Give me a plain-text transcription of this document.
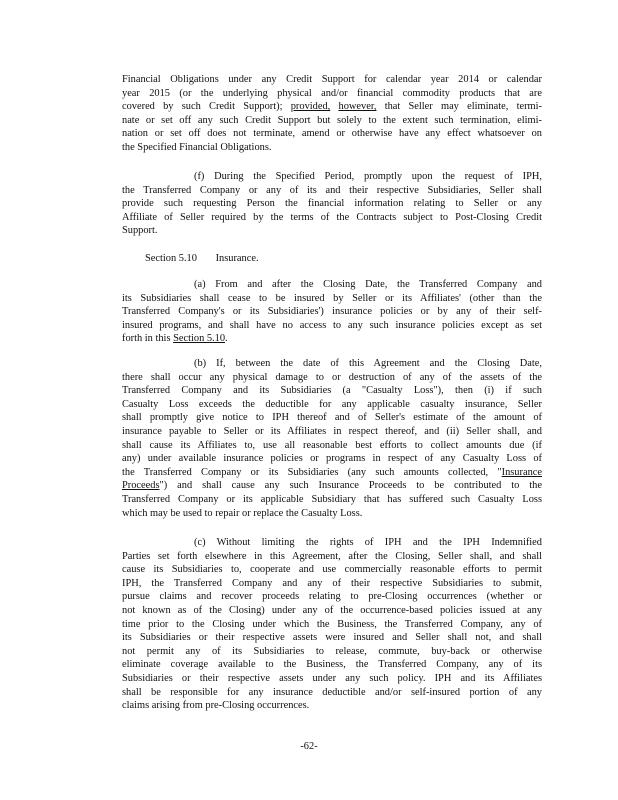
Financial Obligations under any Credit Support for calendar year 2014 or calendar
year 2015 (or the underlying physical and/or financial commodity products that are
covered by such Credit Support); provided, however, that Seller may eliminate, termi-
nate or set off any such Credit Support but solely to the extent such termination, elimi-
nation or set off does not terminate, amend or otherwise have any effect whatsoever on
the Specified Financial Obligations.
(f) During the Specified Period, promptly upon the request of IPH,
the Transferred Company or any of its and their respective Subsidiaries, Seller shall
provide such requesting Person the financial information relating to Seller or any
Affiliate of Seller required by the terms of the Contracts subject to Post-Closing Credit
Support.
Section 5.10 Insurance.
(a) From and after the Closing Date, the Transferred Company and
its Subsidiaries shall cease to be insured by Seller or its Affiliates' (other than the
Transferred Company's or its Subsidiaries') insurance policies or by any of their self-
insured programs, and shall have no access to any such insurance policies except as set
forth in this Section 5.10.
(b) If, between the date of this Agreement and the Closing Date,
there shall occur any physical damage to or destruction of any of the assets of the
Transferred Company and its Subsidiaries (a "Casualty Loss"), then (i) if such
Casualty Loss exceeds the deductible for any applicable casualty insurance, Seller
shall promptly give notice to IPH thereof and of Seller's estimate of the amount of
insurance payable to Seller or its Affiliates in respect thereof, and (ii) Seller shall, and
shall cause its Affiliates to, use all reasonable best efforts to collect amounts due (if
any) under available insurance policies or programs in respect of any Casualty Loss of
the Transferred Company or its Subsidiaries (any such amounts collected, "Insurance
Proceeds") and shall cause any such Insurance Proceeds to be contributed to the
Transferred Company or its applicable Subsidiary that has suffered such Casualty Loss
which may be used to repair or replace the Casualty Loss.
(c) Without limiting the rights of IPH and the IPH Indemnified
Parties set forth elsewhere in this Agreement, after the Closing, Seller shall, and shall
cause its Subsidiaries to, cooperate and use commercially reasonable efforts to permit
IPH, the Transferred Company and any of their respective Subsidiaries to submit,
pursue claims and recover proceeds relating to pre-Closing occurrences (whether or
not known as of the Closing) under any of the occurrence-based policies issued at any
time prior to the Closing under which the Business, the Transferred Company, any of
its Subsidiaries or their respective assets were insured and Seller shall not, and shall
not permit any of its Subsidiaries to release, commute, buy-back or otherwise
eliminate coverage available to the Business, the Transferred Company, any of its
Subsidiaries or their respective assets under any such policy. IPH and its Affiliates
shall be responsible for any insurance deductible and/or self-insured portion of any
claims arising from pre-Closing occurrences.
-62-
